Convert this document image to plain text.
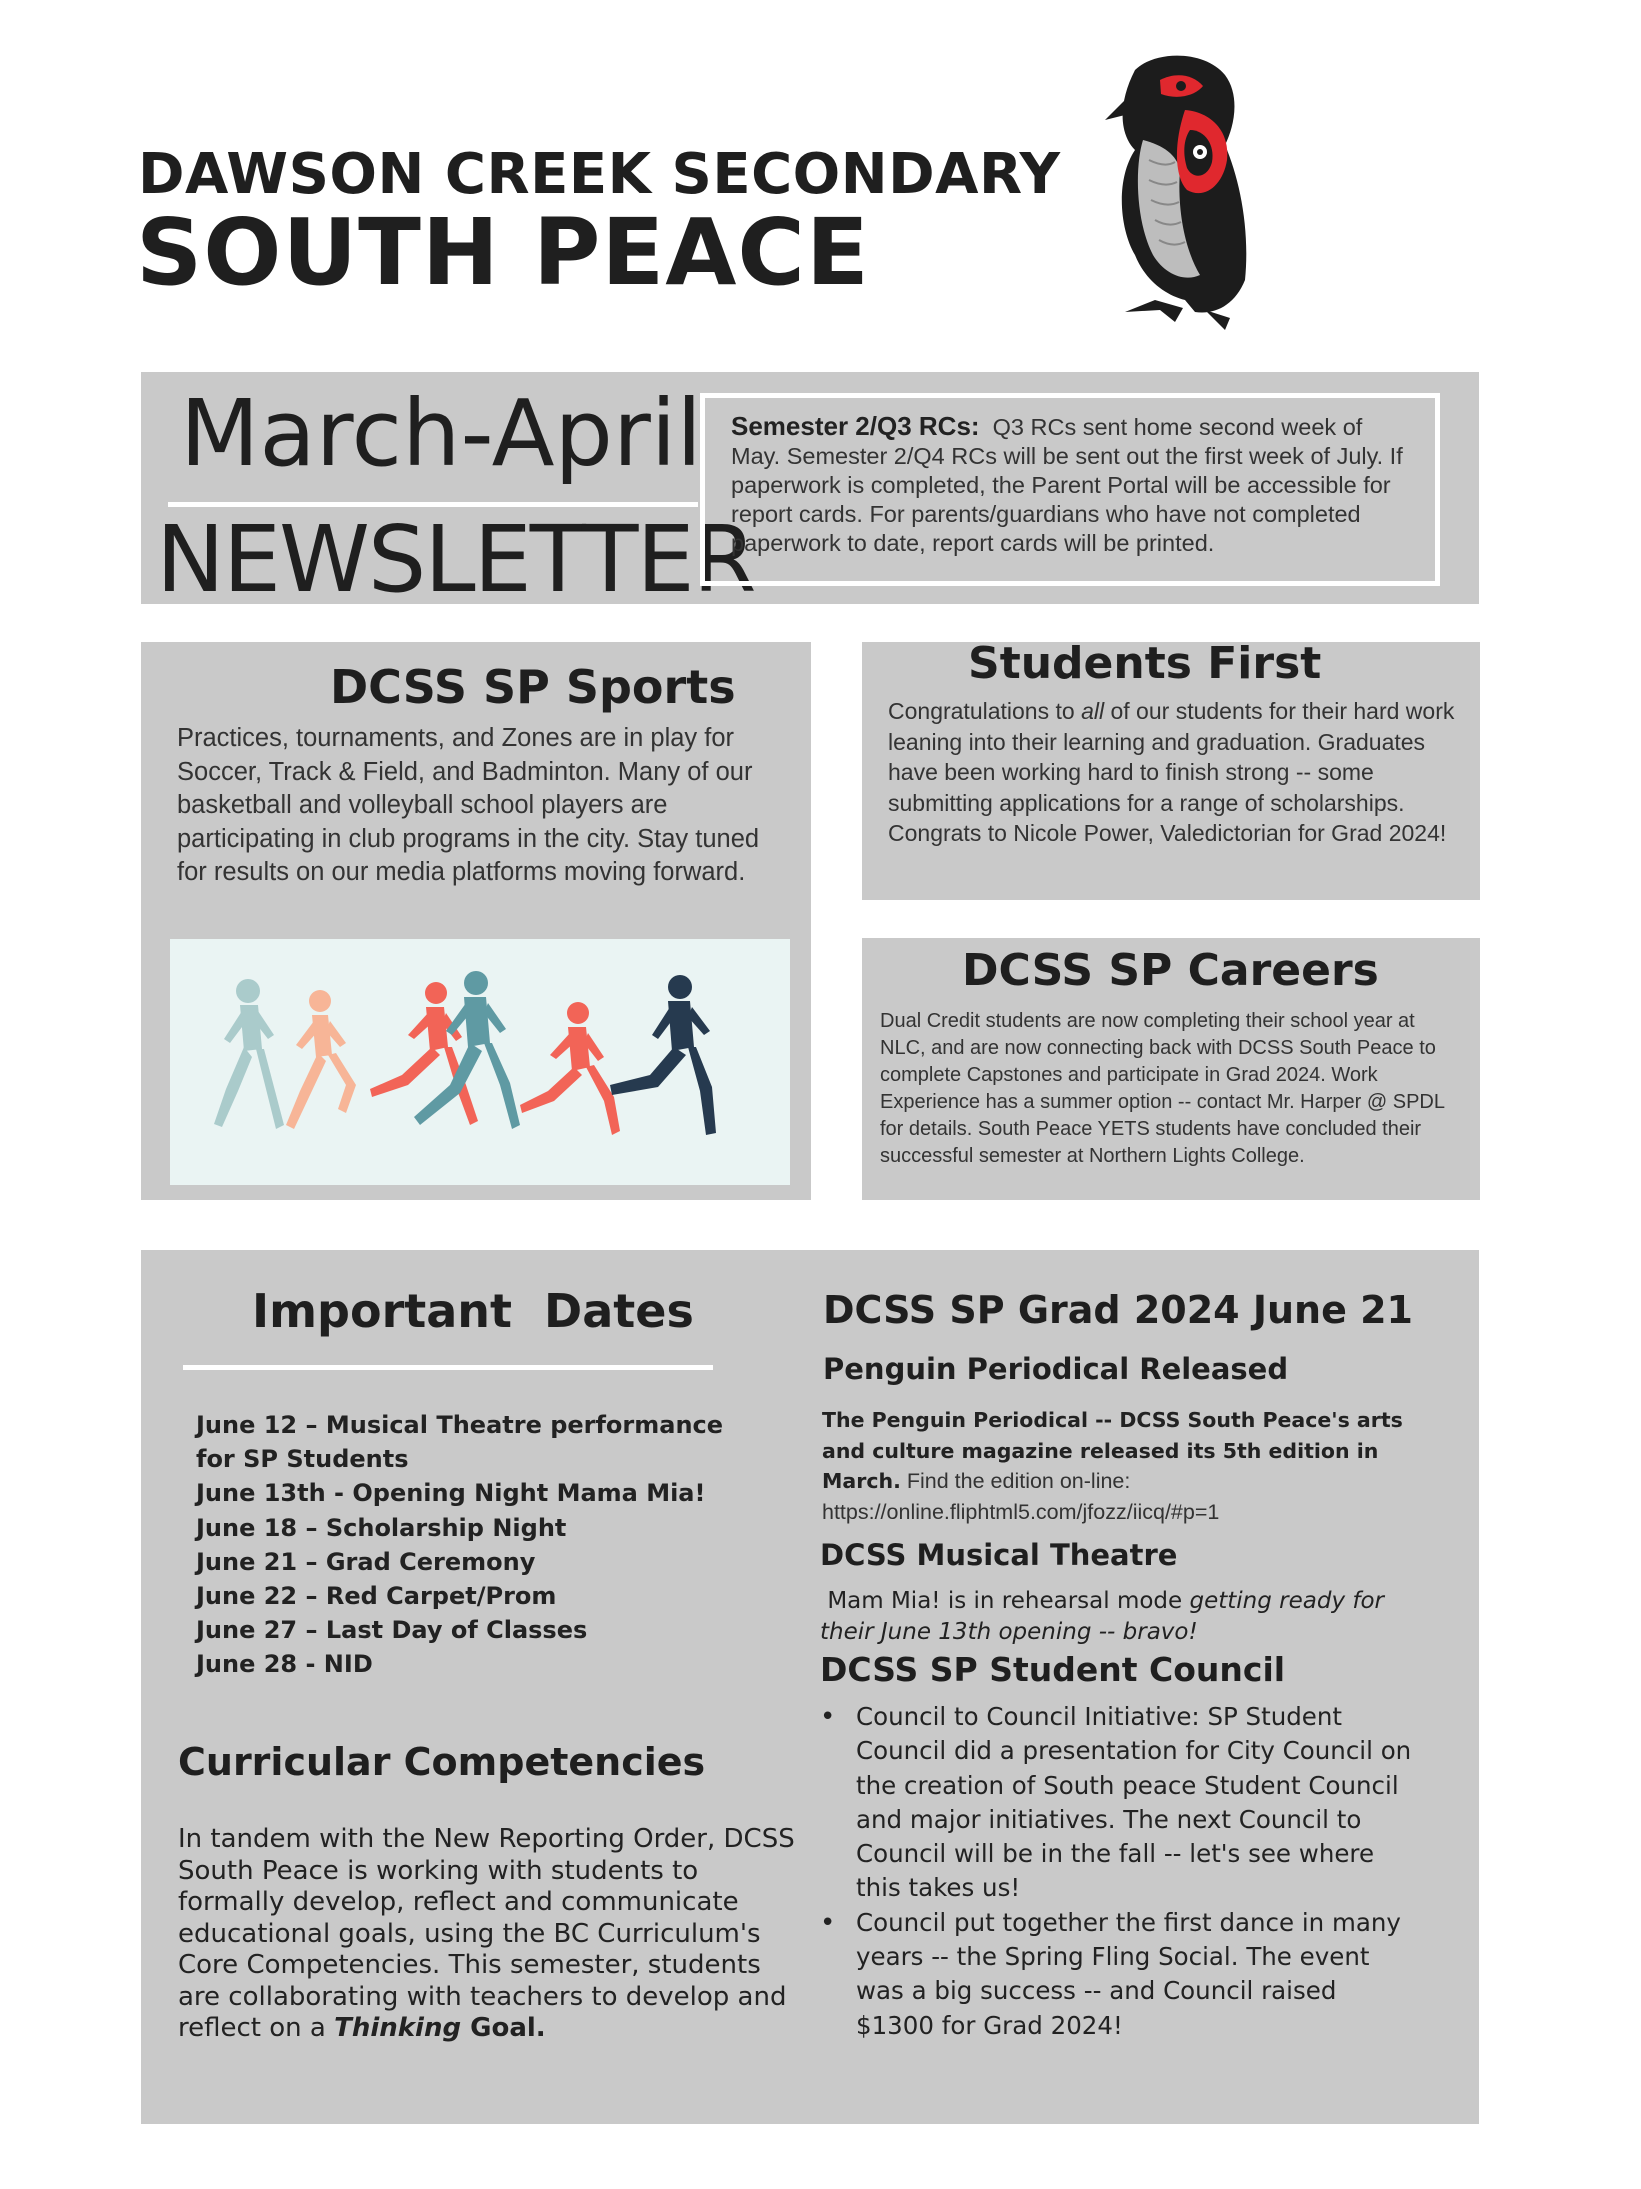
DAWSON CREEK SECONDARY
SOUTH PEACE
March-April
NEWSLETTER
Semester 2/Q3 RCs: Q3 RCs sent home second week of May. Semester 2/Q4 RCs will be sent out the first week of July. If paperwork is completed, the Parent Portal will be accessible for report cards. For parents/guardians who have not completed paperwork to date, report cards will be printed.
DCSS SP Sports
Practices, tournaments, and Zones are in play for Soccer, Track & Field, and Badminton. Many of our basketball and volleyball school players are participating in club programs in the city. Stay tuned for results on our media platforms moving forward.
Students First
Congratulations to all of our students for their hard work leaning into their learning and graduation. Graduates have been working hard to finish strong -- some submitting applications for a range of scholarships. Congrats to Nicole Power, Valedictorian for Grad 2024!
DCSS SP Careers
Dual Credit students are now completing their school year at NLC, and are now connecting back with DCSS South Peace to complete Capstones and participate in Grad 2024. Work Experience has a summer option -- contact Mr. Harper @ SPDL for details. South Peace YETS students have concluded their successful semester at Northern Lights College.
Important  Dates
June 12 – Musical Theatre performance
for SP Students
June 13th - Opening Night Mama Mia!
June 18 – Scholarship Night
June 21 – Grad Ceremony
June 22 – Red Carpet/Prom
June 27 – Last Day of Classes
June 28 - NID
Curricular Competencies
In tandem with the New Reporting Order, DCSS South Peace is working with students to formally develop, reflect and communicate educational goals, using the BC Curriculum's Core Competencies. This semester, students are collaborating with teachers to develop and reflect on a Thinking Goal.
DCSS SP Grad 2024 June 21
Penguin Periodical Released
The Penguin Periodical -- DCSS South Peace's arts and culture magazine released its 5th edition in March. Find the edition on-line: https://online.fliphtml5.com/jfozz/iicq/#p=1
DCSS Musical Theatre
Mam Mia! is in rehearsal mode getting ready for their June 13th opening -- bravo!
DCSS SP Student Council
• Council to Council Initiative: SP Student Council did a presentation for City Council on the creation of South peace Student Council and major initiatives. The next Council to Council will be in the fall -- let's see where this takes us!
• Council put together the first dance in many years -- the Spring Fling Social. The event was a big success -- and Council raised $1300 for Grad 2024!
